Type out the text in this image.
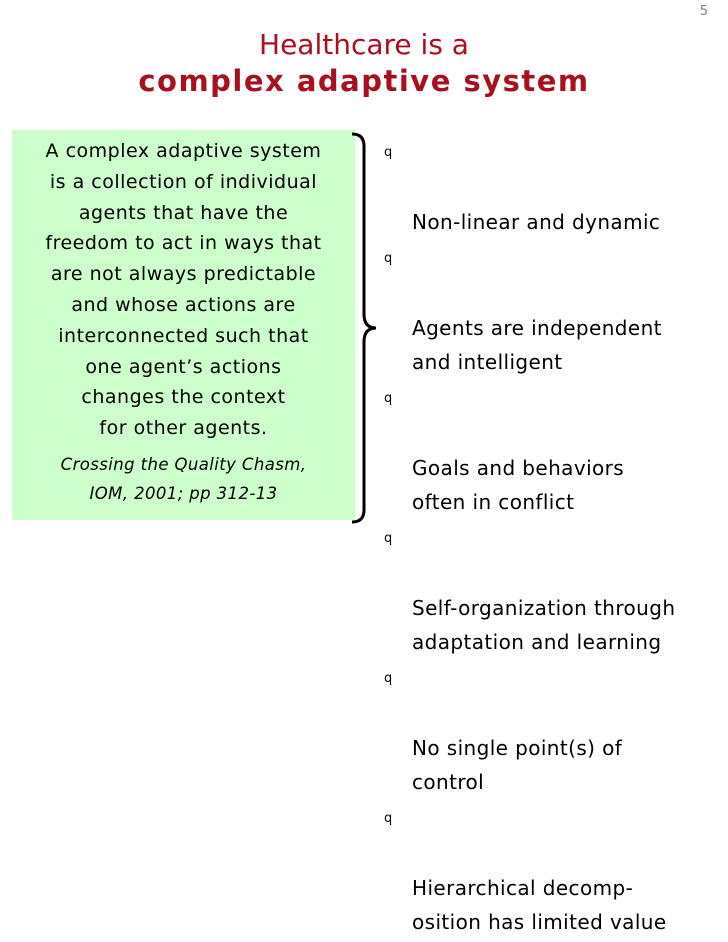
5
Healthcare is a
complex adaptive system

A complex adaptive system
is a collection of individual
agents that have the
freedom to act in ways that
are not always predictable
and whose actions are
interconnected such that
one agent’s actions
changes the context
for other agents.

Crossing the Quality Chasm,
IOM, 2001; pp 312-13

q

Non-linear and dynamic

q

Agents are independent
and intelligent

q

Goals and behaviors
often in conflict

q

Self-organization through
adaptation and learning

q

No single point(s) of
control

q

Hierarchical decomp-
osition has limited value
